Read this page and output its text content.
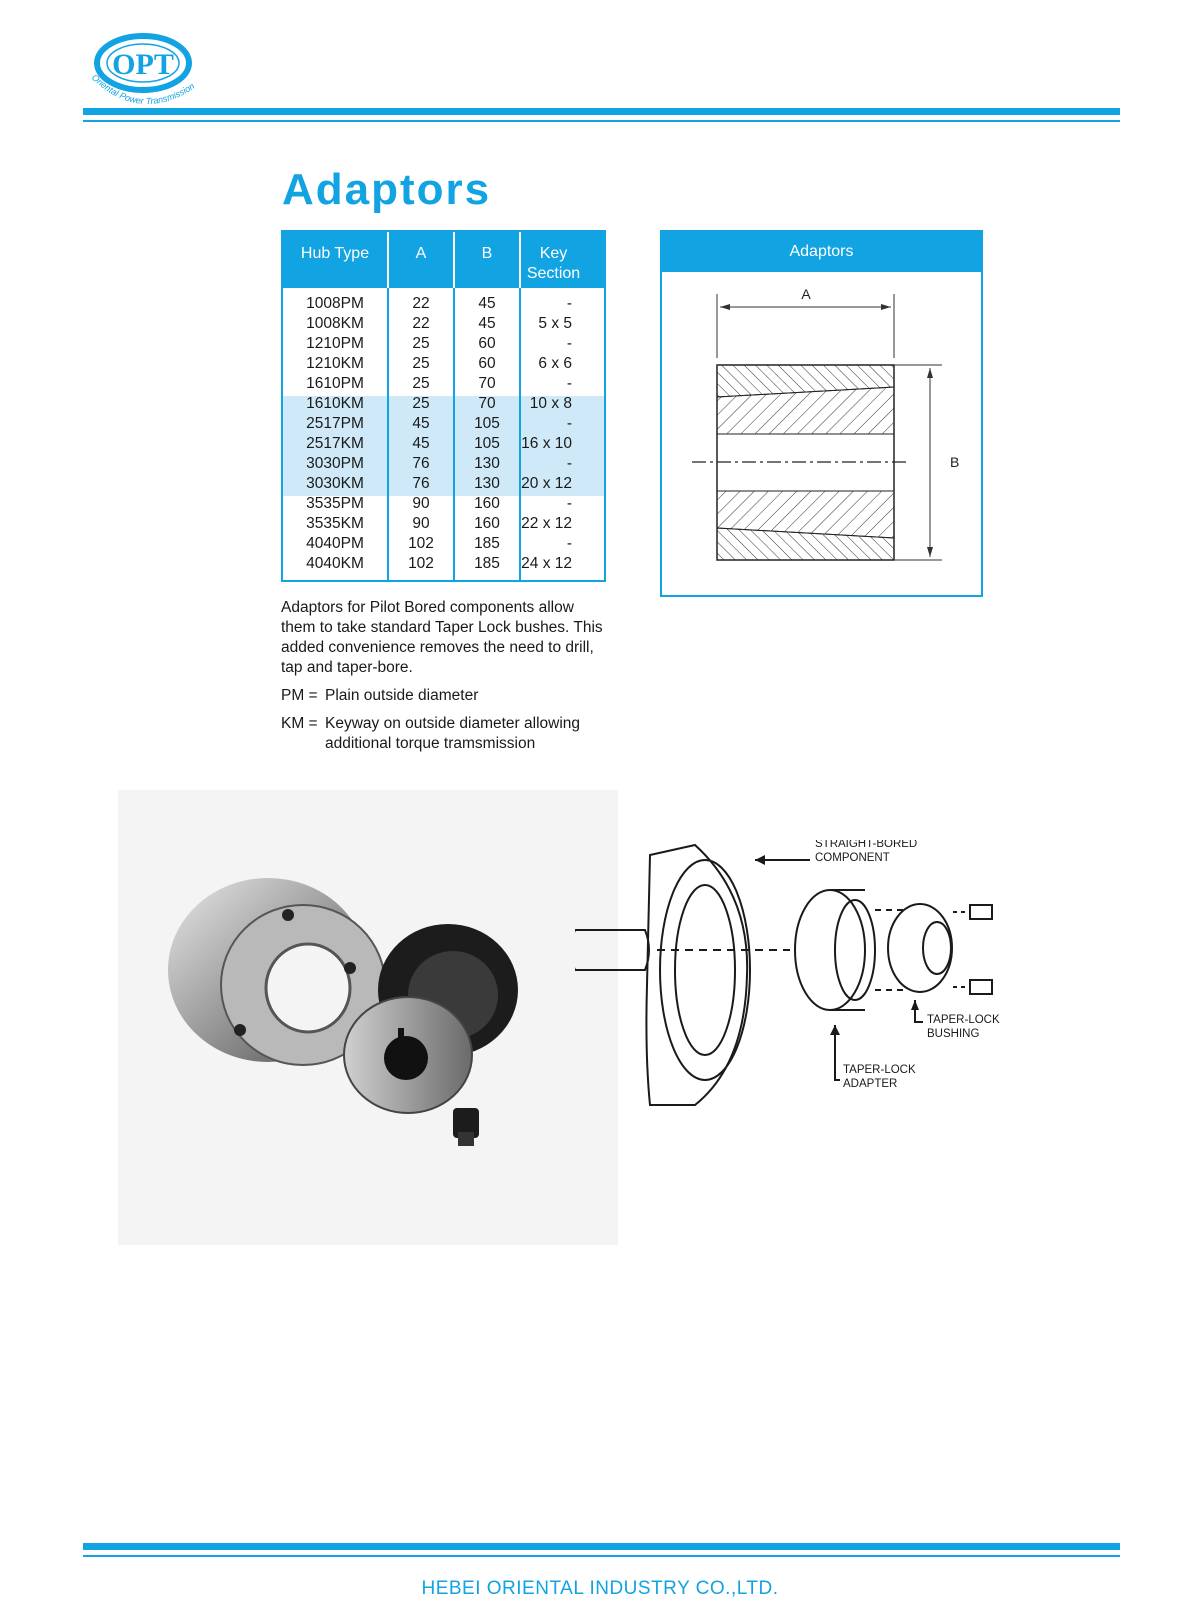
OPT
Oriental Power Transmission
Adaptors
Hub Type	A	B	Key Section
1008PM	22	45	-
1008KM	22	45	5 x 5
1210PM	25	60	-
1210KM	25	60	6 x 6
1610PM	25	70	-
1610KM	25	70	10 x 8
2517PM	45	105	-
2517KM	45	105	16 x 10
3030PM	76	130	-
3030KM	76	130	20 x 12
3535PM	90	160	-
3535KM	90	160	22 x 12
4040PM	102	185	-
4040KM	102	185	24 x 12
Adaptors
A
B

Adaptors for Pilot Bored components allow them to take standard Taper Lock bushes. This added convenience removes the need to drill, tap and taper-bore.

PM = Plain outside diameter
KM = Keyway on outside diameter allowing additional torque tramsmission
STRAIGHT-BORED
COMPONENT
TAPER-LOCK
BUSHING
TAPER-LOCK
ADAPTER
HEBEI ORIENTAL INDUSTRY CO.,LTD.
